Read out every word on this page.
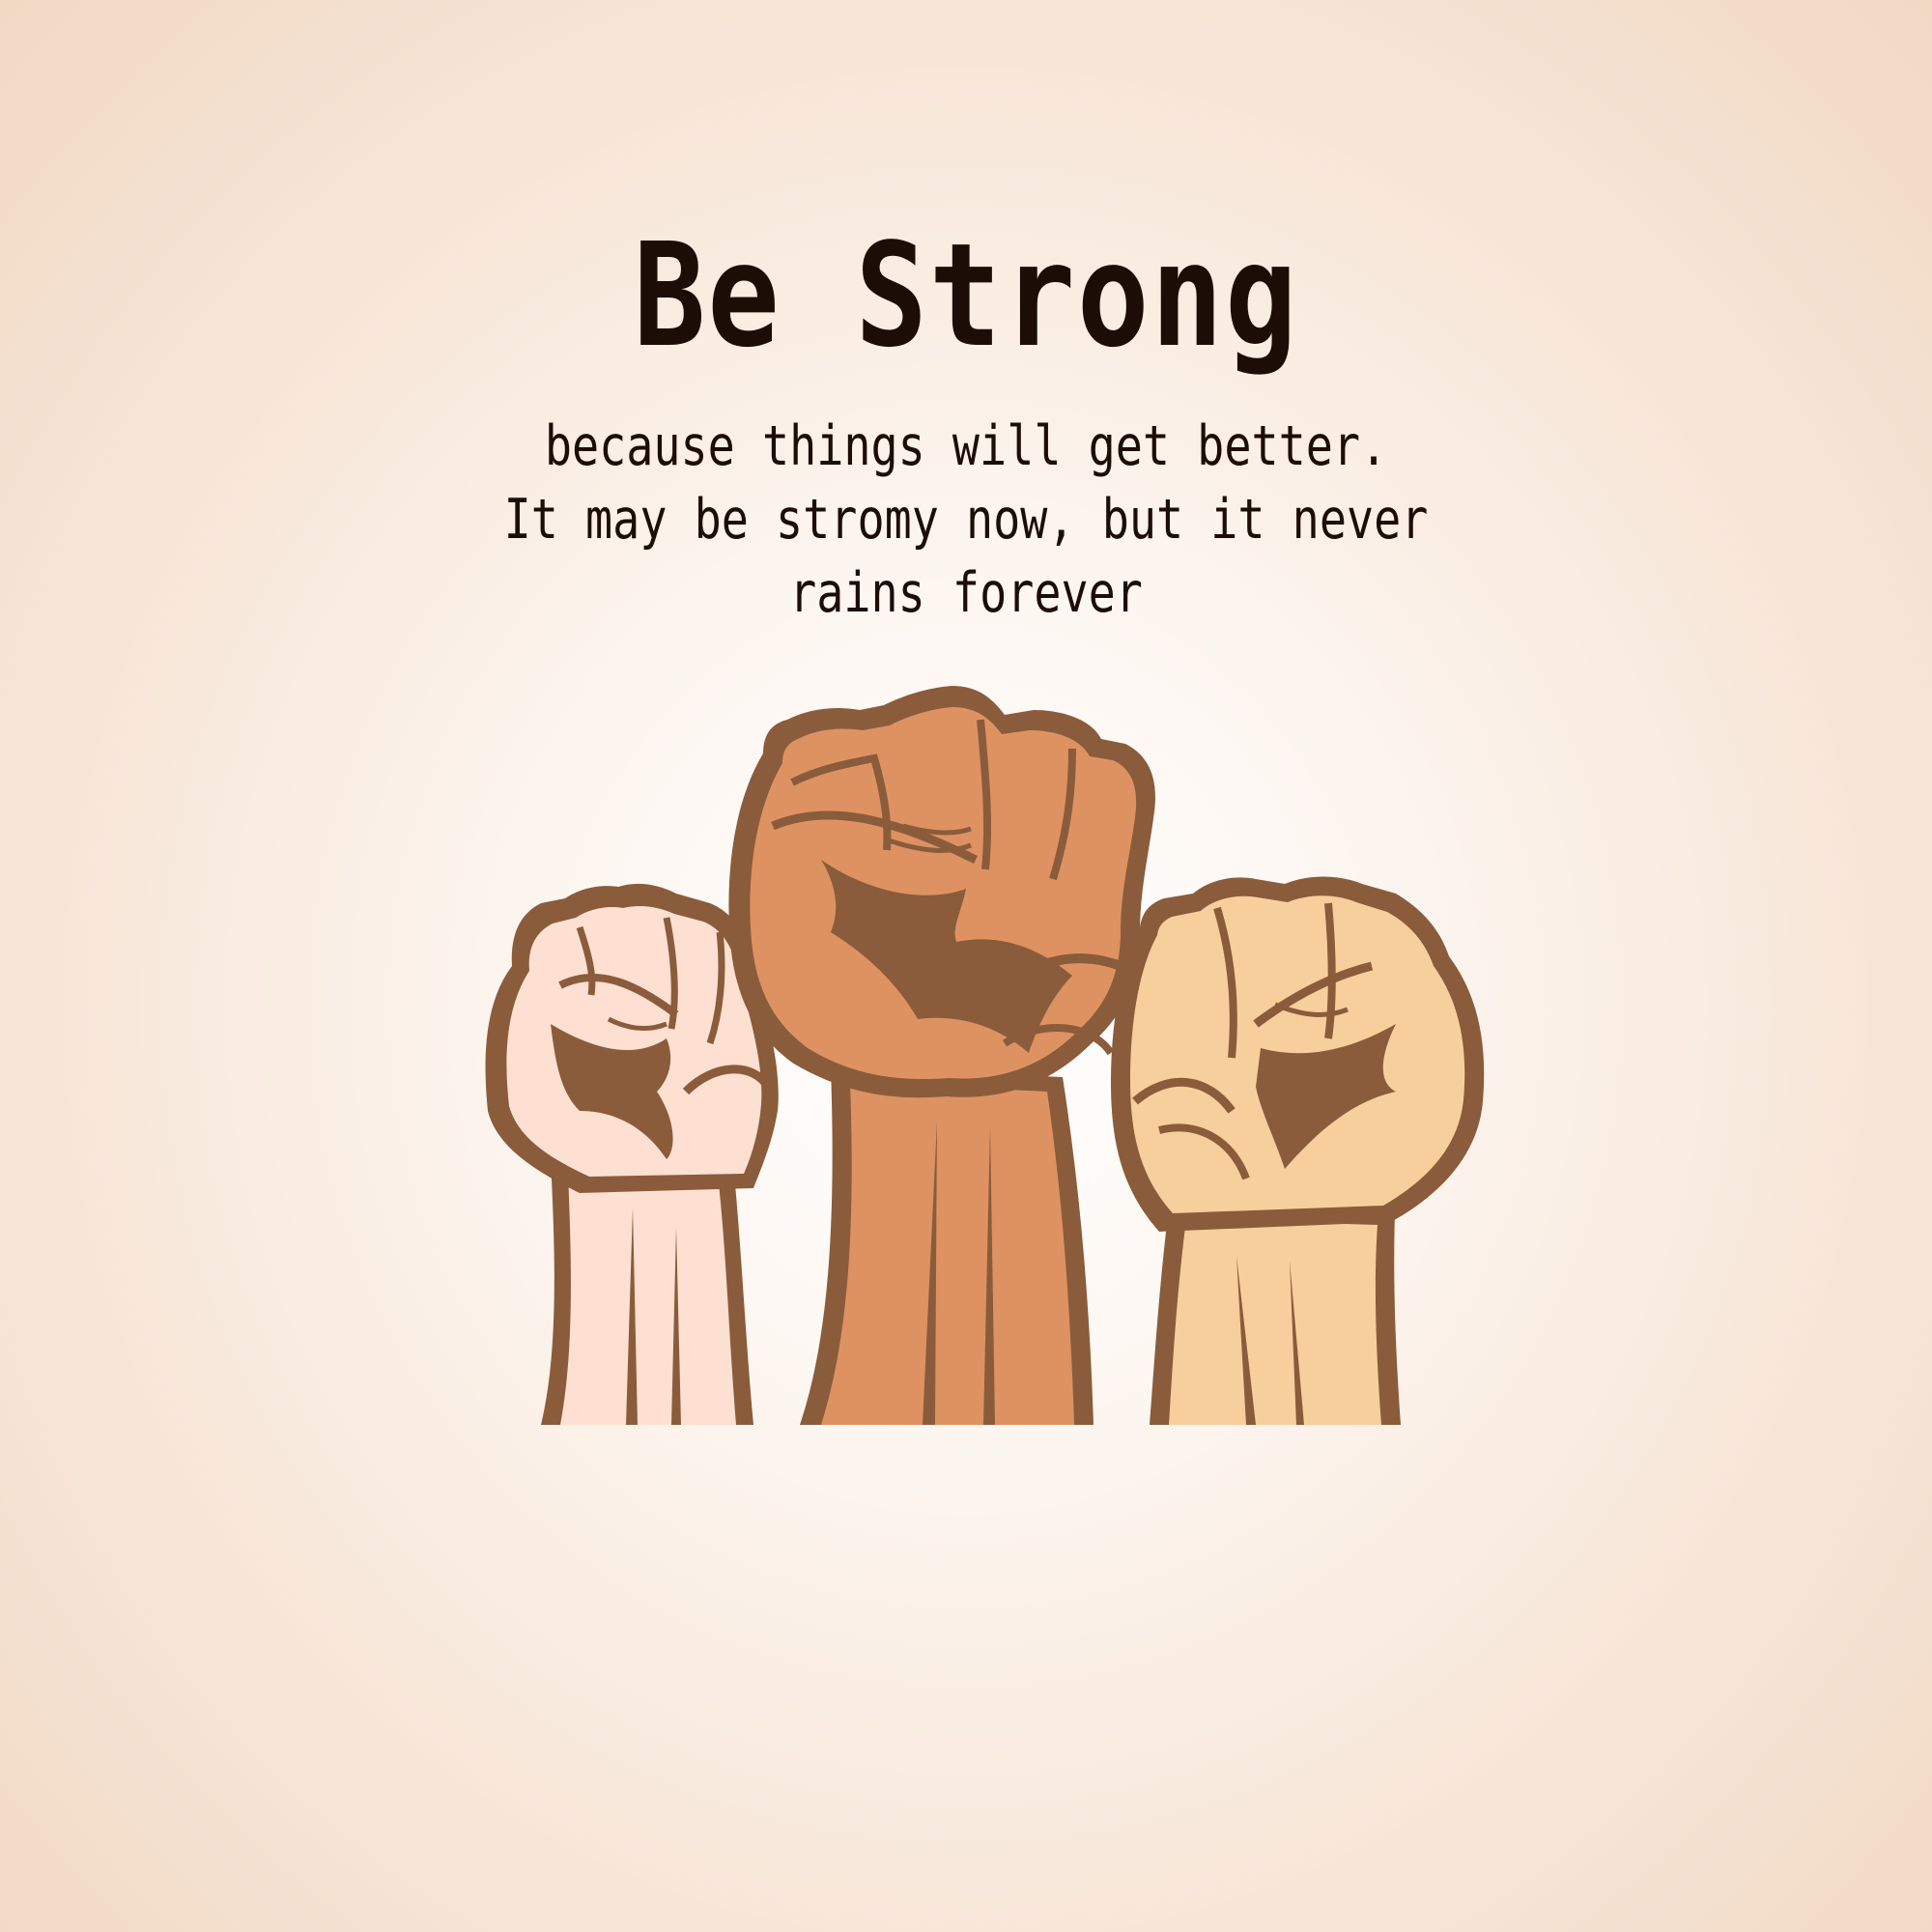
Be Strong
because things will get better.
It may be stromy now, but it never
rains forever
